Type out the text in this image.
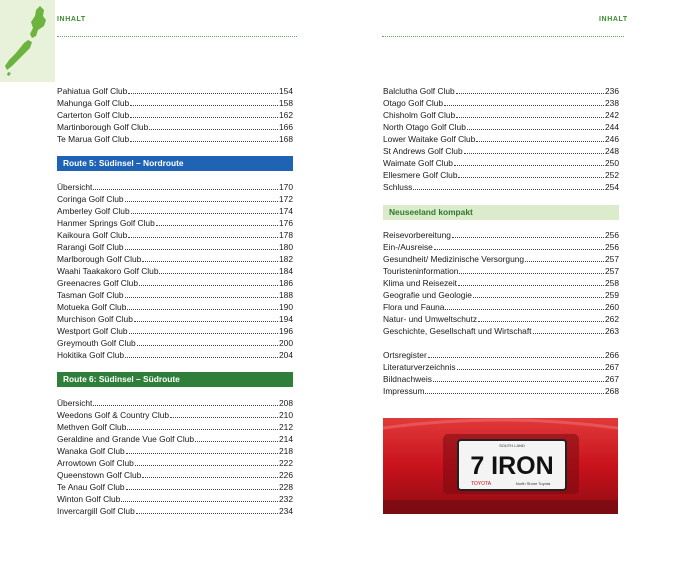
INHALT	INHALT
Pahiatua Golf Club	154
Mahunga Golf Club	158
Carterton Golf Club	162
Martinborough Golf Club	166
Te Marua Golf Club	168
Route 5: Südinsel – Nordroute
Übersicht	170
Coringa Golf Club	172
Amberley Golf Club	174
Hanmer Springs Golf Club	176
Kaikoura Golf Club	178
Rarangi Golf Club	180
Marlborough Golf Club	182
Waahi Taakakoro Golf Club	184
Greenacres Golf Club	186
Tasman Golf Club	188
Motueka Golf Club	190
Murchison Golf Club	194
Westport Golf Club	196
Greymouth Golf Club	200
Hokitika Golf Club	204
Route 6: Südinsel – Südroute
Übersicht	208
Weedons Golf & Country Club	210
Methven Golf Club	212
Geraldine and Grande Vue Golf Club	214
Wanaka Golf Club	218
Arrowtown Golf Club	222
Queenstown Golf Club	226
Te Anau Golf Club	228
Winton Golf Club	232
Invercargill Golf Club	234
Balclutha Golf Club	236
Otago Golf Club	238
Chisholm Golf Club	242
North Otago Golf Club	244
Lower Waitake Golf Club	246
St Andrews Golf Club	248
Waimate Golf Club	250
Ellesmere Golf Club	252
Schluss	254
Neuseeland kompakt
Reisevorbereitung	256
Ein-/Ausreise	256
Gesundheit/ Medizinische Versorgung	257
Touristeninformation	257
Klima und Reisezeit	258
Geografie und Geologie	259
Flora und Fauna	260
Natur- und Umweltschutz	262
Geschichte, Gesellschaft und Wirtschaft	263
Ortsregister	266
Literaturverzeichnis	267
Bildnachweis	267
Impressum	268
SOUTH LAND
7 IRON
TOYOTA	North Shore Toyota
